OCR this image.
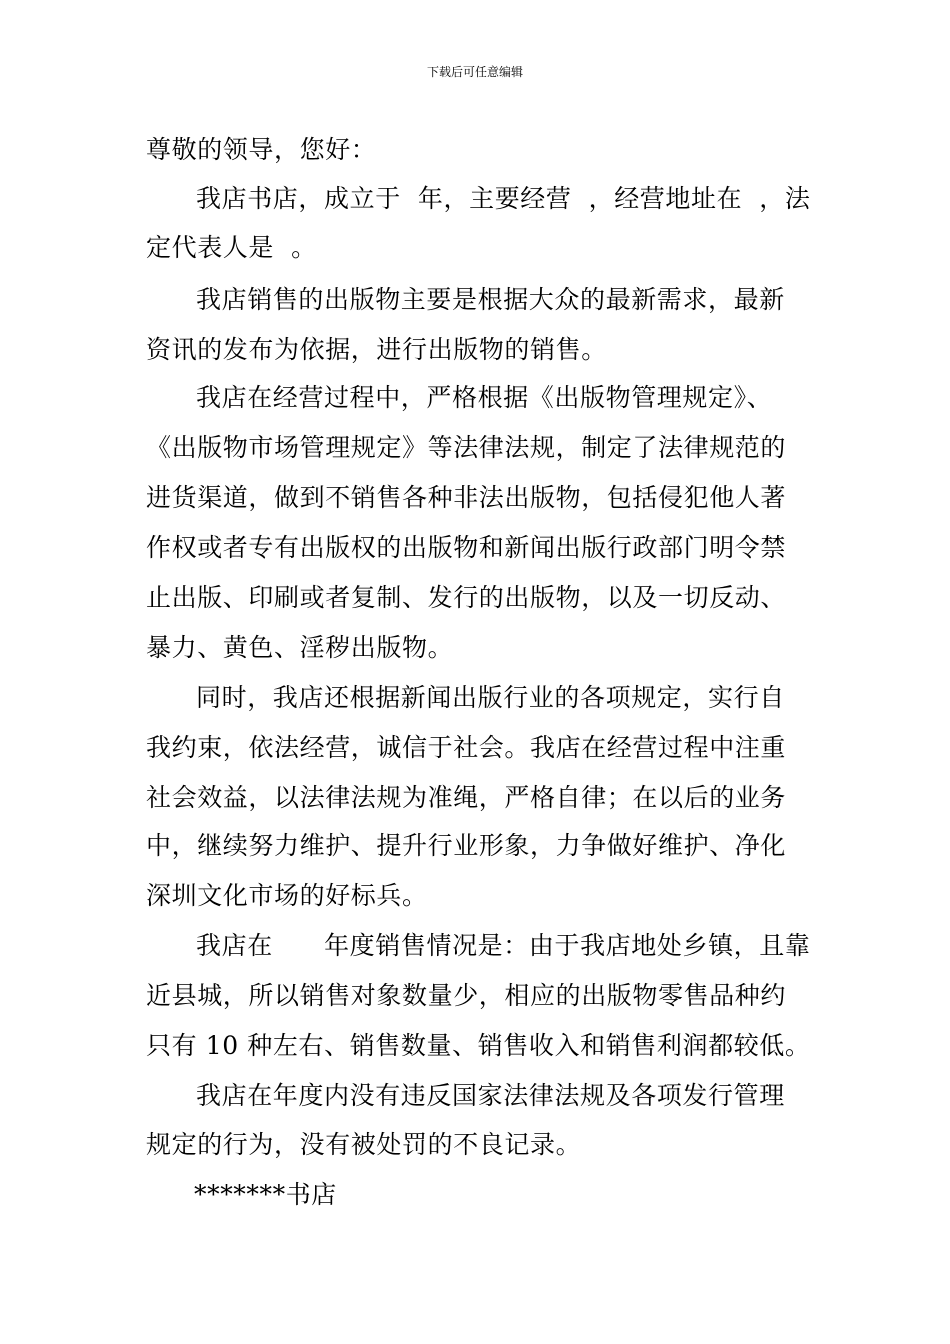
下载后可任意编辑
尊敬的领导，您好：
我店书店，成立于  年，主要经营  ，经营地址在  ，法
定代表人是  。
我店销售的出版物主要是根据大众的最新需求，最新
资讯的发布为依据，进行出版物的销售。
我店在经营过程中，严格根据《出版物管理规定》、
《出版物市场管理规定》等法律法规，制定了法律规范的
进货渠道，做到不销售各种非法出版物，包括侵犯他人著
作权或者专有出版权的出版物和新闻出版行政部门明令禁
止出版、印刷或者复制、发行的出版物，以及一切反动、
暴力、黄色、淫秽出版物。
同时，我店还根据新闻出版行业的各项规定，实行自
我约束，依法经营，诚信于社会。我店在经营过程中注重
社会效益，以法律法规为准绳，严格自律；在以后的业务
中，继续努力维护、提升行业形象，力争做好维护、净化
深圳文化市场的好标兵。
我店在      年度销售情况是：由于我店地处乡镇，且靠
近县城，所以销售对象数量少，相应的出版物零售品种约
只有 10 种左右、销售数量、销售收入和销售利润都较低。
我店在年度内没有违反国家法律法规及各项发行管理
规定的行为，没有被处罚的不良记录。
*******书店
